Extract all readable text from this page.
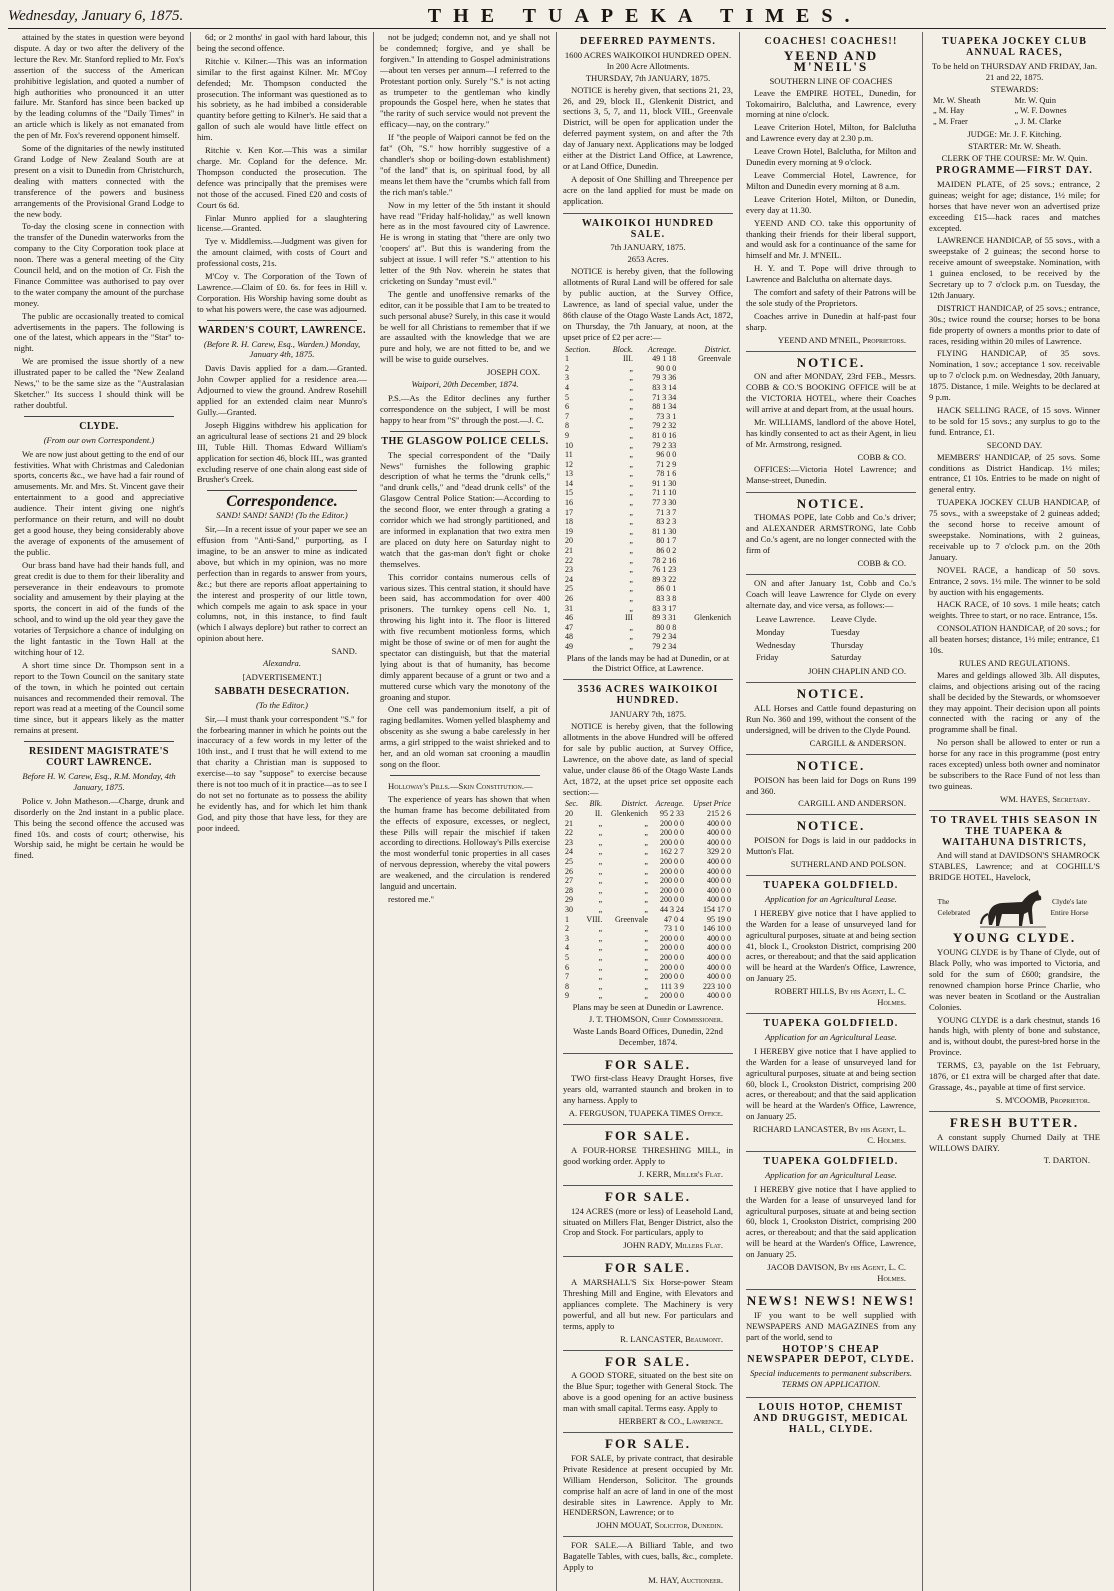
Wednesday, January 6, 1875.	THE TUAPEKA TIMES.

attained by the states in question were beyond dispute. A day or two after the delivery of the lecture the Rev. Mr. Stanford replied to Mr. Fox's assertion of the success of the American prohibitive legislation, and quoted a number of high authorities who pronounced it an utter failure. Mr. Stanford has since been backed up by the leading columns of the "Daily Times" in an article which is likely as not emanated from the pen of Mr. Fox's reverend opponent himself.

Some of the dignitaries of the newly instituted Grand Lodge of New Zealand South are at present on a visit to Dunedin from Christchurch, dealing with matters connected with the transference of the powers and business arrangements of the Provisional Grand Lodge to the new body.

To-day the closing scene in connection with the transfer of the Dunedin waterworks from the company to the City Corporation took place at noon. There was a general meeting of the City Council held, and on the motion of Cr. Fish the Finance Committee was authorised to pay over to the water company the amount of the purchase money.

The public are occasionally treated to comical advertisements in the papers. The following is one of the latest, which appears in the "Star" to-night.

We are promised the issue shortly of a new illustrated paper to be called the "New Zealand News," to be the same size as the "Australasian Sketcher." Its success I should think will be rather doubtful.

CLYDE.
(From our own Correspondent.)

We are now just about getting to the end of our festivities. What with Christmas and Caledonian sports, concerts &c., we have had a fair round of amusements. Mr. and Mrs. St. Vincent gave their entertainment to a good and appreciative audience. Their intent giving one night's performance on their return, and will no doubt get a good house, they being considerably above the average of exponents of the amusement of the public.

Our brass band have had their hands full, and great credit is due to them for their liberality and perseverance in their endeavours to promote sociality and amusement by their playing at the sports, the concert in aid of the funds of the school, and to wind up the old year they gave the votaries of Terpsichore a chance of indulging on the light fantastic in the Town Hall at the witching hour of 12.

A short time since Dr. Thompson sent in a report to the Town Council on the sanitary state of the town, in which he pointed out certain nuisances and recommended their removal. The report was read at a meeting of the Council some time since, but it appears likely as the matter remains at present.

RESIDENT MAGISTRATE'S COURT LAWRENCE.
Before H. W. Carew, Esq., R.M. Monday, 4th January, 1875.

Police v. John Matheson.—Charge, drunk and disorderly on the 2nd instant in a public place. This being the second offence the accused was fined 10s. and costs of court; otherwise, his Worship said, he might be certain he would be fined.

6d; or 2 months' in gaol with hard labour, this being the second offence.

Ritchie v. Kilner.—This was an information similar to the first against Kilner. Mr. M'Coy defended; Mr. Thompson conducted the prosecution. The informant was questioned as to his sobriety, as he had imbibed a considerable quantity before getting to Kilner's. He said that a gallon of such ale would have little effect on him.

Ritchie v. Ken Kor.—This was a similar charge. Mr. Copland for the defence. Mr. Thompson conducted the prosecution. The defence was principally that the premises were not those of the accused. Fined £20 and costs of Court 6s 6d.

Finlar Munro applied for a slaughtering license.—Granted.

Tye v. Middlemiss.—Judgment was given for the amount claimed, with costs of Court and professional costs, 21s.

M'Coy v. The Corporation of the Town of Lawrence.—Claim of £0. 6s. for fees in Hill v. Corporation. His Worship having some doubt as to what his powers were, the case was adjourned.

WARDEN'S COURT, LAWRENCE.
(Before R. H. Carew, Esq., Warden.) Monday, January 4th, 1875.

Davis Davis applied for a dam.—Granted. John Cowper applied for a residence area.—Adjourned to view the ground. Andrew Rosehill applied for an extended claim near Munro's Gully.—Granted.

Joseph Higgins withdrew his application for an agricultural lease of sections 21 and 29 block III, Tuble Hill. Thomas Edward William's application for section 46, block III., was granted excluding reserve of one chain along east side of Brusher's Creek.

Correspondence.
SAND! SAND! SAND! (To the Editor.)

Sir,—In a recent issue of your paper we see an effusion from "Anti-Sand," purporting, as I imagine, to be an answer to mine as indicated above, but which in my opinion, was no more perfection than in regards to answer from yours, &c.; but there are reports afloat appertaining to the interest and prosperity of our little town, which compels me again to ask space in your columns, not, in this instance, to find fault (which I always deplore) but rather to correct an opinion about here.

SAND.
Alexandra.
[ADVERTISEMENT.]
SABBATH DESECRATION.
(To the Editor.)

Sir,—I must thank your correspondent "S." for the forbearing manner in which he points out the inaccuracy of a few words in my letter of the 10th inst., and I trust that he will extend to me that charity a Christian man is supposed to exercise—to say "suppose" to exercise because there is not too much of it in practice—as to see I do not set no fortunate as to possess the ability he evidently has, and for which let him thank God, and pity those that have less, for they are poor indeed.

not be judged; condemn not, and ye shall not be condemned; forgive, and ye shall be forgiven." In attending to Gospel administrations—about ten verses per annum—I referred to the Protestant portion only. Surely "S." is not acting as trumpeter to the gentleman who kindly propounds the Gospel here, when he states that "the rarity of such service would not prevent the efficacy—nay, on the contrary."

If "the people of Waipori cannot be fed on the fat" (Oh, "S." how horribly suggestive of a chandler's shop or boiling-down establishment) "of the land" that is, on spiritual food, by all means let them have the "crumbs which fall from the rich man's table."

Now in my letter of the 5th instant it should have read "Friday half-holiday," as well known here as in the most favoured city of Lawrence. He is wrong in stating that "there are only two 'coopers' at". But this is wandering from the subject at issue. I will refer "S." attention to his letter of the 9th Nov. wherein he states that cricketing on Sunday "must evil."

The gentle and unoffensive remarks of the editor, can it be possible that I am to be treated to such personal abuse? Surely, in this case it would be well for all Christians to remember that if we are assaulted with the knowledge that we are pure and holy, we are not fitted to be, and we will be wise to guide ourselves.

JOSEPH COX.
Waipori, 20th December, 1874.

P.S.—As the Editor declines any further correspondence on the subject, I will be most happy to hear from "S" through the post.—J. C.

THE GLASGOW POLICE CELLS.

The special correspondent of the "Daily News" furnishes the following graphic description of what he terms the "drunk cells," "and drunk cells," and "dead drunk cells" of the Glasgow Central Police Station:—According to the second floor, we enter through a grating a corridor which we had strongly partitioned, and are informed in explanation that two extra men are placed on duty here on Saturday night to watch that the gas-man don't fight or choke themselves.

This corridor contains numerous cells of various sizes. This central station, it should have been said, has accommodation for over 400 prisoners. The turnkey opens cell No. 1, throwing his light into it. The floor is littered with five recumbent motionless forms, which might be those of swine or of men for aught the spectator can distinguish, but that the material lying about is that of humanity, has become dimly apparent because of a grunt or two and a muttered curse which vary the monotony of the groaning and stupor.

One cell was pandemonium itself, a pit of raging bedlamites. Women yelled blasphemy and obscenity as she swung a babe carelessly in her arms, a girl stripped to the waist shrieked and to her, and an old woman sat crooning a maudlin song on the floor.

Holloway's Pills.—Skin Constitution.—

The experience of years has shown that when the human frame has become debilitated from the effects of exposure, excesses, or neglect, these Pills will repair the mischief if taken according to directions. Holloway's Pills exercise the most wonderful tonic properties in all cases of nervous depression, whereby the vital powers are weakened, and the circulation is rendered languid and uncertain.

restored me."

DEFERRED PAYMENTS.
1600 ACRES WAIKOIKOI HUNDRED OPEN. In 200 Acre Allotments.
THURSDAY, 7th JANUARY, 1875.

NOTICE is hereby given, that sections 21, 23, 26, and 29, block II., Glenkenit District, and sections 3, 5, 7, and 11, block VIII., Greenvale District, will be open for application under the deferred payment system, on and after the 7th day of January next. Applications may be lodged either at the District Land Office, at Lawrence, or at Land Office, Dunedin.

A deposit of One Shilling and Threepence per acre on the land applied for must be made on application.

WAIKOIKOI HUNDRED SALE.
7th JANUARY, 1875.
2653 Acres.

NOTICE is hereby given, that the following allotments of Rural Land will be offered for sale by public auction, at the Survey Office, Lawrence, as land of special value, under the 86th clause of the Otago Waste Lands Act, 1872, on Thursday, the 7th January, at noon, at the upset price of £2 per acre:—

Section.	Block.	Acreage.	District.
1	III.	49 1 18	Greenvale
2	„	90 0 0	
3	„	79 3 36	
4	„	83 3 14	
5	„	71 3 34	
6	„	88 1 34	
7	„	73 3 1	
8	„	79 2 32	
9	„	81 0 16	
10	„	79 2 33	
11	„	96 0 0	
12	„	71 2 9	
13	„	78 1 6	
14	„	91 1 30	
15	„	71 1 10	
16	„	77 3 30	
17	„	71 3 7	
18	„	83 2 3	
19	„	81 1 30	
20	„	80 1 7	
21	„	86 0 2	
22	„	78 2 16	
23	„	76 1 23	
24	„	89 3 22	
25	„	86 0 1	
26	„	83 3 8	
31	„	83 3 17	
46	III	89 3 31	Glenkenich
47	„	80 0 8	
48	„	79 2 34	
49	„	79 2 34	
Plans of the lands may be had at Dunedin, or at the District Office, at Lawrence.
3536 ACRES WAIKOIKOI HUNDRED.
JANUARY 7th, 1875.

NOTICE is hereby given, that the following allotments in the above Hundred will be offered for sale by public auction, at Survey Office, Lawrence, on the above date, as land of special value, under clause 86 of the Otago Waste Lands Act, 1872, at the upset price set opposite each section:—

Sec.	Blk.	District.	Acreage.	Upset Price
20	II.	Glenkenich	95 2 33	215 2 6
21	„	„	200 0 0	400 0 0
22	„	„	200 0 0	400 0 0
23	„	„	200 0 0	400 0 0
24	„	„	162 2 7	329 2 0
25	„	„	200 0 0	400 0 0
26	„	„	200 0 0	400 0 0
27	„	„	200 0 0	400 0 0
28	„	„	200 0 0	400 0 0
29	„	„	200 0 0	400 0 0
30	„	„	44 3 24	154 17 0
1	VIII.	Greenvale	47 0 4	95 19 0
2	„	„	73 1 0	146 10 0
3	„	„	200 0 0	400 0 0
4	„	„	200 0 0	400 0 0
5	„	„	200 0 0	400 0 0
6	„	„	200 0 0	400 0 0
7	„	„	200 0 0	400 0 0
8	„	„	111 3 9	223 10 0
9	„	„	200 0 0	400 0 0
Plans may be seen at Dunedin or Lawrence.
J. T. THOMSON, Chief Commissioner.
Waste Lands Board Offices, Dunedin, 22nd December, 1874.
FOR SALE.

TWO first-class Heavy Draught Horses, five years old, warranted staunch and broken in to any harness. Apply to

A. FERGUSON, TUAPEKA TIMES Office.
FOR SALE.

A FOUR-HORSE THRESHING MILL, in good working order. Apply to

J. KERR, Miller's Flat.
FOR SALE.

124 ACRES (more or less) of Leasehold Land, situated on Millers Flat, Benger District, also the Crop and Stock. For particulars, apply to

JOHN RADY, Millers Flat.
FOR SALE.

A MARSHALL'S Six Horse-power Steam Threshing Mill and Engine, with Elevators and appliances complete. The Machinery is very powerful, and all but new. For particulars and terms, apply to

R. LANCASTER, Beaumont.
FOR SALE.

A GOOD STORE, situated on the best site on the Blue Spur; together with General Stock. The above is a good opening for an active business man with small capital. Terms easy. Apply to

HERBERT & CO., Lawrence.
FOR SALE.

FOR SALE, by private contract, that desirable Private Residence at present occupied by Mr. William Henderson, Solicitor. The grounds comprise half an acre of land in one of the most desirable sites in Lawrence. Apply to Mr. HENDERSON, Lawrence; or to

JOHN MOUAT, Solicitor, Dunedin.

FOR SALE.—A Billiard Table, and two Bagatelle Tables, with cues, balls, &c., complete. Apply to

M. HAY, Auctioneer.
COACHES! COACHES!!
YEEND AND M'NEIL'S
SOUTHERN LINE OF COACHES

Leave the EMPIRE HOTEL, Dunedin, for Tokomairiro, Balclutha, and Lawrence, every morning at nine o'clock.

Leave Criterion Hotel, Milton, for Balclutha and Lawrence every day at 2.30 p.m.

Leave Crown Hotel, Balclutha, for Milton and Dunedin every morning at 9 o'clock.

Leave Commercial Hotel, Lawrence, for Milton and Dunedin every morning at 8 a.m.

Leave Criterion Hotel, Milton, or Dunedin, every day at 11.30.

YEEND AND CO. take this opportunity of thanking their friends for their liberal support, and would ask for a continuance of the same for himself and Mr. J. M'NEIL.

H. Y. and T. Pope will drive through to Lawrence and Balclutha on alternate days.

The comfort and safety of their Patrons will be the sole study of the Proprietors.

Coaches arrive in Dunedin at half-past four sharp.

YEEND AND M'NEIL, Proprietors.
NOTICE.

ON and after MONDAY, 23rd FEB., Messrs. COBB & CO.'S BOOKING OFFICE will be at the VICTORIA HOTEL, where their Coaches will arrive at and depart from, at the usual hours.

Mr. WILLIAMS, landlord of the above Hotel, has kindly consented to act as their Agent, in lieu of Mr. Armstrong, resigned.

COBB & CO.

OFFICES:—Victoria Hotel Lawrence; and Manse-street, Dunedin.

NOTICE.

THOMAS POPE, late Cobb and Co.'s driver; and ALEXANDER ARMSTRONG, late Cobb and Co.'s agent, are no longer connected with the firm of

COBB & CO.

ON and after January 1st, Cobb and Co.'s Coach will leave Lawrence for Clyde on every alternate day, and vice versa, as follows:—

Leave Lawrence.	Leave Clyde.
Monday	Tuesday
Wednesday	Thursday
Friday	Saturday
JOHN CHAPLIN AND CO.
NOTICE.

ALL Horses and Cattle found depasturing on Run No. 360 and 199, without the consent of the undersigned, will be driven to the Clyde Pound.

CARGILL & ANDERSON.
NOTICE.

POISON has been laid for Dogs on Runs 199 and 360.

CARGILL AND ANDERSON.
NOTICE.

POISON for Dogs is laid in our paddocks in Mutton's Flat.

SUTHERLAND AND POLSON.
TUAPEKA GOLDFIELD.
Application for an Agricultural Lease.

I HEREBY give notice that I have applied to the Warden for a lease of unsurveyed land for agricultural purposes, situate at and being section 41, block I., Crookston District, comprising 200 acres, or thereabout; and that the said application will be heard at the Warden's Office, Lawrence, on January 25.

ROBERT HILLS, By his Agent, L. C. Holmes.
TUAPEKA GOLDFIELD.
Application for an Agricultural Lease.

I HEREBY give notice that I have applied to the Warden for a lease of unsurveyed land for agricultural purposes, situate at and being section 60, block I., Crookston District, comprising 200 acres, or thereabout; and that the said application will be heard at the Warden's Office, Lawrence, on January 25.

RICHARD LANCASTER, By his Agent, L. C. Holmes.
TUAPEKA GOLDFIELD.
Application for an Agricultural Lease.

I HEREBY give notice that I have applied to the Warden for a lease of unsurveyed land for agricultural purposes, situate at and being section 60, block 1, Crookston District, comprising 200 acres, or thereabout; and that the said application will be heard at the Warden's Office, Lawrence, on January 25.

JACOB DAVISON, By his Agent, L. C. Holmes.
NEWS! NEWS! NEWS!

IF you want to be well supplied with NEWSPAPERS AND MAGAZINES from any part of the world, send to

HOTOP'S CHEAP NEWSPAPER DEPOT, CLYDE.
Special inducements to permanent subscribers. TERMS ON APPLICATION.
LOUIS HOTOP, CHEMIST AND DRUGGIST, MEDICAL HALL, CLYDE.
TUAPEKA JOCKEY CLUB ANNUAL RACES,
To be held on THURSDAY AND FRIDAY, Jan. 21 and 22, 1875.
STEWARDS:
Mr. W. Sheath	Mr. W. Quin
„ M. Hay	„ W. F. Downes
„ M. Fraer	„ J. M. Clarke
JUDGE: Mr. J. F. Kitching.
STARTER: Mr. W. Sheath.
CLERK OF THE COURSE: Mr. W. Quin.
PROGRAMME—FIRST DAY.

MAIDEN PLATE, of 25 sovs.; entrance, 2 guineas; weight for age; distance, 1½ mile; for horses that have never won an advertised prize exceeding £15—hack races and matches excepted.

LAWRENCE HANDICAP, of 55 sovs., with a sweepstake of 2 guineas; the second horse to receive amount of sweepstake. Nomination, with 1 guinea enclosed, to be received by the Secretary up to 7 o'clock p.m. on Tuesday, the 12th January.

DISTRICT HANDICAP, of 25 sovs.; entrance, 30s.; twice round the course; horses to be bona fide property of owners a months prior to date of races, residing within 20 miles of Lawrence.

FLYING HANDICAP, of 35 sovs. Nomination, 1 sov.; acceptance 1 sov. receivable up to 7 o'clock p.m. on Wednesday, 20th January, 1875. Distance, 1 mile. Weights to be declared at 9 p.m.

HACK SELLING RACE, of 15 sovs. Winner to be sold for 15 sovs.; any surplus to go to the fund. Entrance, £1.

SECOND DAY.

MEMBERS' HANDICAP, of 25 sovs. Some conditions as District Handicap. 1½ miles; entrance, £1 10s. Entries to be made on night of general entry.

TUAPEKA JOCKEY CLUB HANDICAP, of 75 sovs., with a sweepstake of 2 guineas added; the second horse to receive amount of sweepstake. Nominations, with 2 guineas, receivable up to 7 o'clock p.m. on the 20th January.

NOVEL RACE, a handicap of 50 sovs. Entrance, 2 sovs. 1½ mile. The winner to be sold by auction with his engagements.

HACK RACE, of 10 sovs. 1 mile heats; catch weights. Three to start, or no race. Entrance, 15s.

CONSOLATION HANDICAP, of 20 sovs.; for all beaten horses; distance, 1½ mile; entrance, £1 10s.

RULES AND REGULATIONS.

Mares and geldings allowed 3lb. All disputes, claims, and objections arising out of the racing shall be decided by the Stewards, or whomsoever they may appoint. Their decision upon all points connected with the racing or any of the programme shall be final.

No person shall be allowed to enter or run a horse for any race in this programme (post entry races excepted) unless both owner and nominator be subscribers to the Race Fund of not less than two guineas.

WM. HAYES, Secretary.
TO TRAVEL THIS SEASON IN THE TUAPEKA & WAITAHUNA DISTRICTS,

And will stand at DAVIDSON'S SHAMROCK STABLES, Lawrence; and at COGHILL'S BRIDGE HOTEL, Havelock,

The Celebrated
Clyde's late Entire Horse
YOUNG CLYDE.

YOUNG CLYDE is by Thane of Clyde, out of Black Polly, who was imported to Victoria, and sold for the sum of £600; grandsire, the renowned champion horse Prince Charlie, who was never beaten in Scotland or the Australian Colonies.

YOUNG CLYDE is a dark chestnut, stands 16 hands high, with plenty of bone and substance, and is, without doubt, the purest-bred horse in the Province.

TERMS, £3, payable on the 1st February, 1876, or £1 extra will be charged after that date. Grassage, 4s., payable at time of first service.

S. M'COOMB, Proprietor.
FRESH BUTTER.

A constant supply Churned Daily at THE WILLOWS DAIRY.

T. DARTON.
